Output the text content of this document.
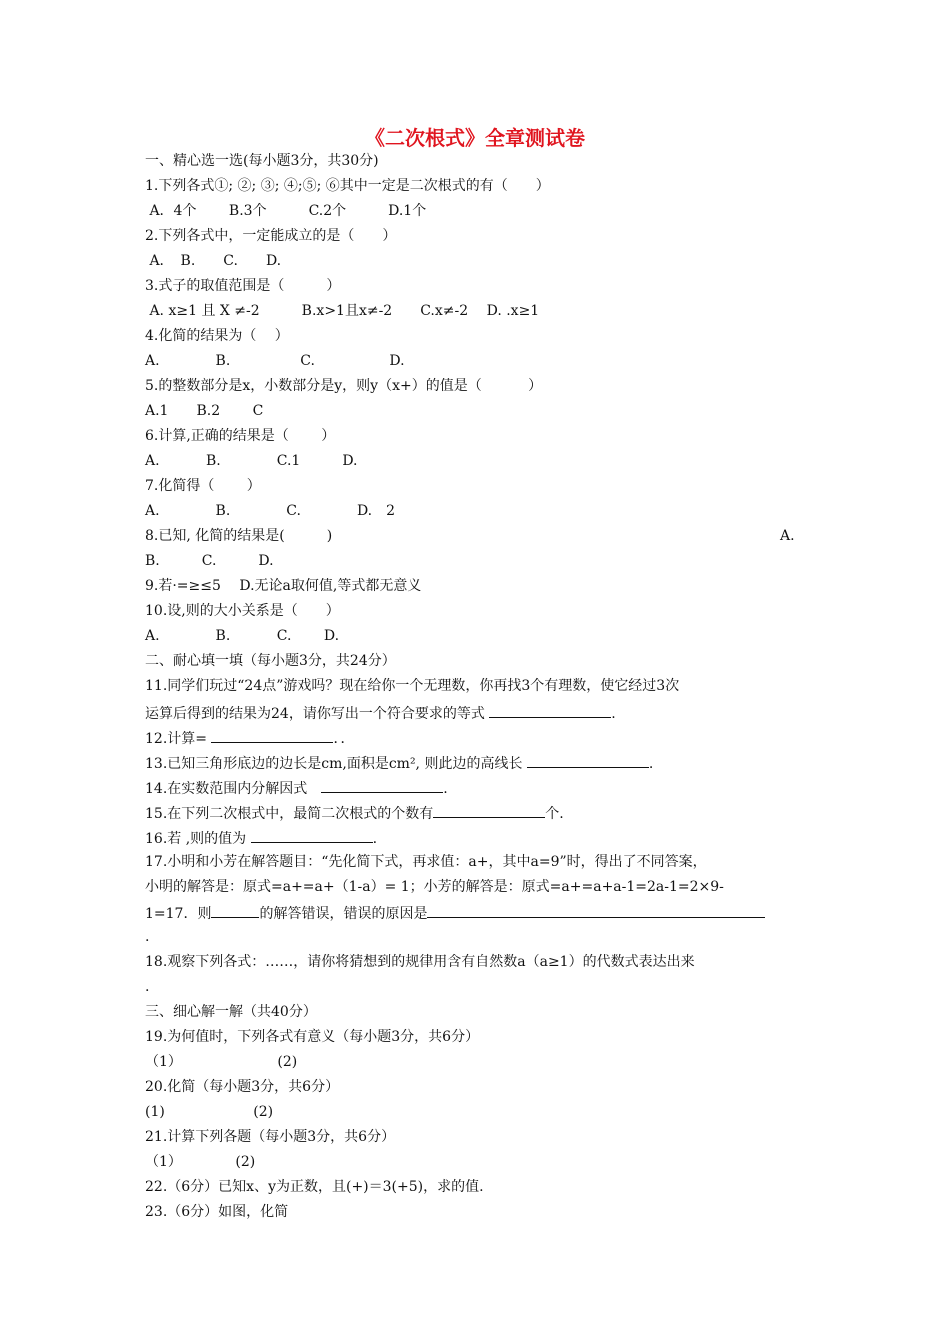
《二次根式》全章测试卷
一、精心选一选(每小题3分，共30分)
1.下列各式①; ②; ③; ④;⑤; ⑥其中一定是二次根式的有（　　）
A．4个　　 B.3个　　　C.2个　　　D.1个
2.下列各式中，一定能成立的是（　　）
A．　B.　　C.　　D.
3.式子的取值范围是（　　　）
A. x≥1 且 X ≠-2　　　B.x>1且x≠-2　　C.x≠-2　 D. .x≥1
4.化简的结果为（　 ）
A.　　　　B.　　　　　C.　　　　　 D.
5.的整数部分是x，小数部分是y，则y（x+）的值是（　　　 ）
A.1　　B.2　　 C
6.计算,正确的结果是（　　 ）
A.　　　 B.　　　　C.1　　　D.
7.化简得（　　 ）
A.　　　　B.　　　　C.　　　　D.　2
8.已知, 化简的结果是(　　　)	A.
B.　　　C.　　　D.
9.若·=≥≤5　 D.无论a取何值,等式都无意义
10.设,则的大小关系是（　　）
A.　　　　B.　　　 C.　　 D.
二、耐心填一填（每小题3分，共24分）
11.同学们玩过“24点”游戏吗？现在给你一个无理数，你再找3个有理数，使它经过3次
运算后得到的结果为24，请你写出一个符合要求的等式	.
12.计算=	．．
13.已知三角形底边的边长是cm,面积是cm², 则此边的高线长	.
14.在实数范围内分解因式　	.
15.在下列二次根式中，最简二次根式的个数有	个.
16.若 ,则的值为	.
17.小明和小芳在解答题目：“先化简下式，再求值：a+，其中a=9”时，得出了不同答案，
小明的解答是：原式=a+=a+（1-a）= 1；小芳的解答是：原式=a+=a+a-1=2a-1=2×9-
1=17．则	的解答错误，错误的原因是
.
18.观察下列各式：……，请你将猜想到的规律用含有自然数a（a≥1）的代数式表达出来
.
三、细心解一解（共40分）
19.为何值时，下列各式有意义（每小题3分，共6分）
（1）　　　　　　　 (2)
20.化简（每小题3分，共6分）
(1)　　　　　　 (2)
21.计算下列各题（每小题3分，共6分）
（1）　　　　 (2)
22.（6分）已知x、y为正数，且(+)＝3(+5)，求的值.
23.（6分）如图，化简
